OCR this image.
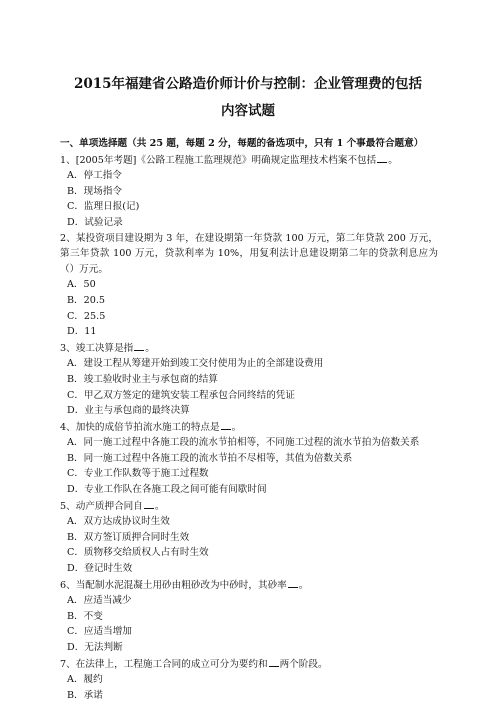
2015年福建省公路造价师计价与控制：企业管理费的包括
内容试题

一、单项选择题（共 25 题，每题 2 分，每题的备选项中，只有 1 个事最符合题意）

1、[2005年考题]《公路工程施工监理规范》明确规定监理技术档案不包括 。

A．停工指令

B．现场指令

C．监理日报(记)

D．试验记录

2、某投资项目建设期为 3 年，在建设期第一年贷款 100 万元，第二年贷款 200 万元，第三年贷款 100 万元，贷款利率为 10%，用复利法计息建设期第二年的贷款利息应为（）万元。

A．50

B．20.5

C．25.5

D．11

3、竣工决算是指 。

A．建设工程从筹建开始到竣工交付使用为止的全部建设费用

B．竣工验收时业主与承包商的结算

C．甲乙双方签定的建筑安装工程承包合同终结的凭证

D．业主与承包商的最终决算

4、加快的成倍节拍流水施工的特点是 。

A．同一施工过程中各施工段的流水节拍相等，不同施工过程的流水节拍为倍数关系

B．同一施工过程中各施工段的流水节拍不尽相等，其值为倍数关系

C．专业工作队数等于施工过程数

D．专业工作队在各施工段之间可能有间歇时间

5、动产质押合同自 。

A．双方达成协议时生效

B．双方签订质押合同时生效

C．质物移交给质权人占有时生效

D．登记时生效

6、当配制水泥混凝土用砂由粗砂改为中砂时，其砂率 。

A．应适当减少

B．不变

C．应适当增加

D．无法判断

7、在法律上，工程施工合同的成立可分为要约和 两个阶段。

A．履约

B．承诺
